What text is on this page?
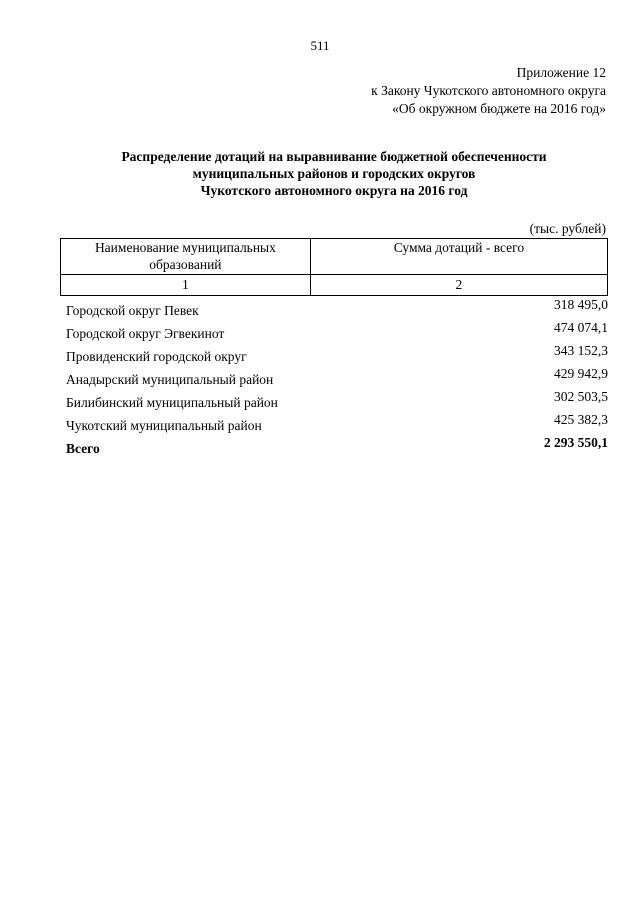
511
Приложение 12
к Закону Чукотского автономного округа
«Об окружном бюджете на 2016 год»
Распределение дотаций на выравнивание бюджетной обеспеченности
муниципальных районов и городских округов
Чукотского автономного округа на 2016 год
(тыс. рублей)
Наименование муниципальных
образований	Сумма дотаций - всего
1	2
Городской округ Певек	318 495,0
Городской округ Эгвекинот	474 074,1
Провиденский городской округ	343 152,3
Анадырский муниципальный район	429 942,9
Билибинский муниципальный район	302 503,5
Чукотский муниципальный район	425 382,3
Всего	2 293 550,1
